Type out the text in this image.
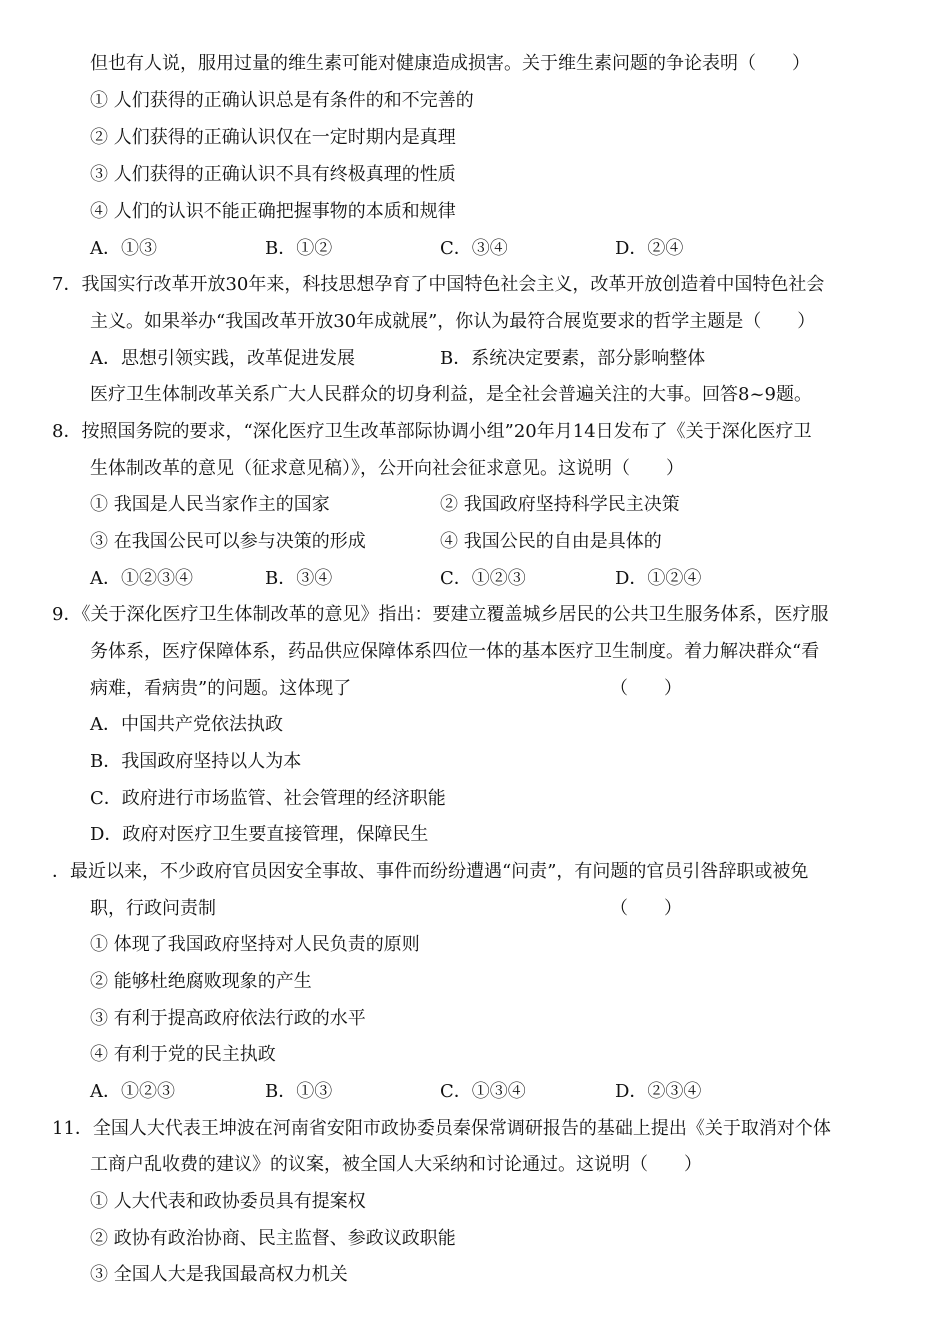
但也有人说，服用过量的维生素可能对健康造成损害。关于维生素问题的争论表明（　　）
① 人们获得的正确认识总是有条件的和不完善的
② 人们获得的正确认识仅在一定时期内是真理
③ 人们获得的正确认识不具有终极真理的性质
④ 人们的认识不能正确把握事物的本质和规律
A．①③	B．①②	C．③④	D．②④
7．我国实行改革开放30年来，科技思想孕育了中国特色社会主义，改革开放创造着中国特色社会
主义。如果举办“我国改革开放30年成就展”，你认为最符合展览要求的哲学主题是（　　）
A．思想引领实践，改革促进发展	B．系统决定要素，部分影响整体
医疗卫生体制改革关系广大人民群众的切身利益，是全社会普遍关注的大事。回答8~9题。
8．按照国务院的要求，“深化医疗卫生改革部际协调小组”20年月14日发布了《关于深化医疗卫
生体制改革的意见（征求意见稿）》，公开向社会征求意见。这说明（　　）
① 我国是人民当家作主的国家	② 我国政府坚持科学民主决策
③ 在我国公民可以参与决策的形成	④ 我国公民的自由是具体的
A．①②③④	B．③④	C．①②③	D．①②④
9．《关于深化医疗卫生体制改革的意见》指出：要建立覆盖城乡居民的公共卫生服务体系，医疗服
务体系，医疗保障体系，药品供应保障体系四位一体的基本医疗卫生制度。着力解决群众“看
病难，看病贵”的问题。这体现了	（　　）
A．中国共产党依法执政
B．我国政府坚持以人为本
C．政府进行市场监管、社会管理的经济职能
D．政府对医疗卫生要直接管理，保障民生
．最近以来，不少政府官员因安全事故、事件而纷纷遭遇“问责”，有问题的官员引咎辞职或被免
职，行政问责制	（　　）
① 体现了我国政府坚持对人民负责的原则
② 能够杜绝腐败现象的产生
③ 有利于提高政府依法行政的水平
④ 有利于党的民主执政
A．①②③	B．①③	C．①③④	D．②③④
11．全国人大代表王坤波在河南省安阳市政协委员秦保常调研报告的基础上提出《关于取消对个体
工商户乱收费的建议》的议案，被全国人大采纳和讨论通过。这说明（　　）
① 人大代表和政协委员具有提案权
② 政协有政治协商、民主监督、参政议政职能
③ 全国人大是我国最高权力机关
